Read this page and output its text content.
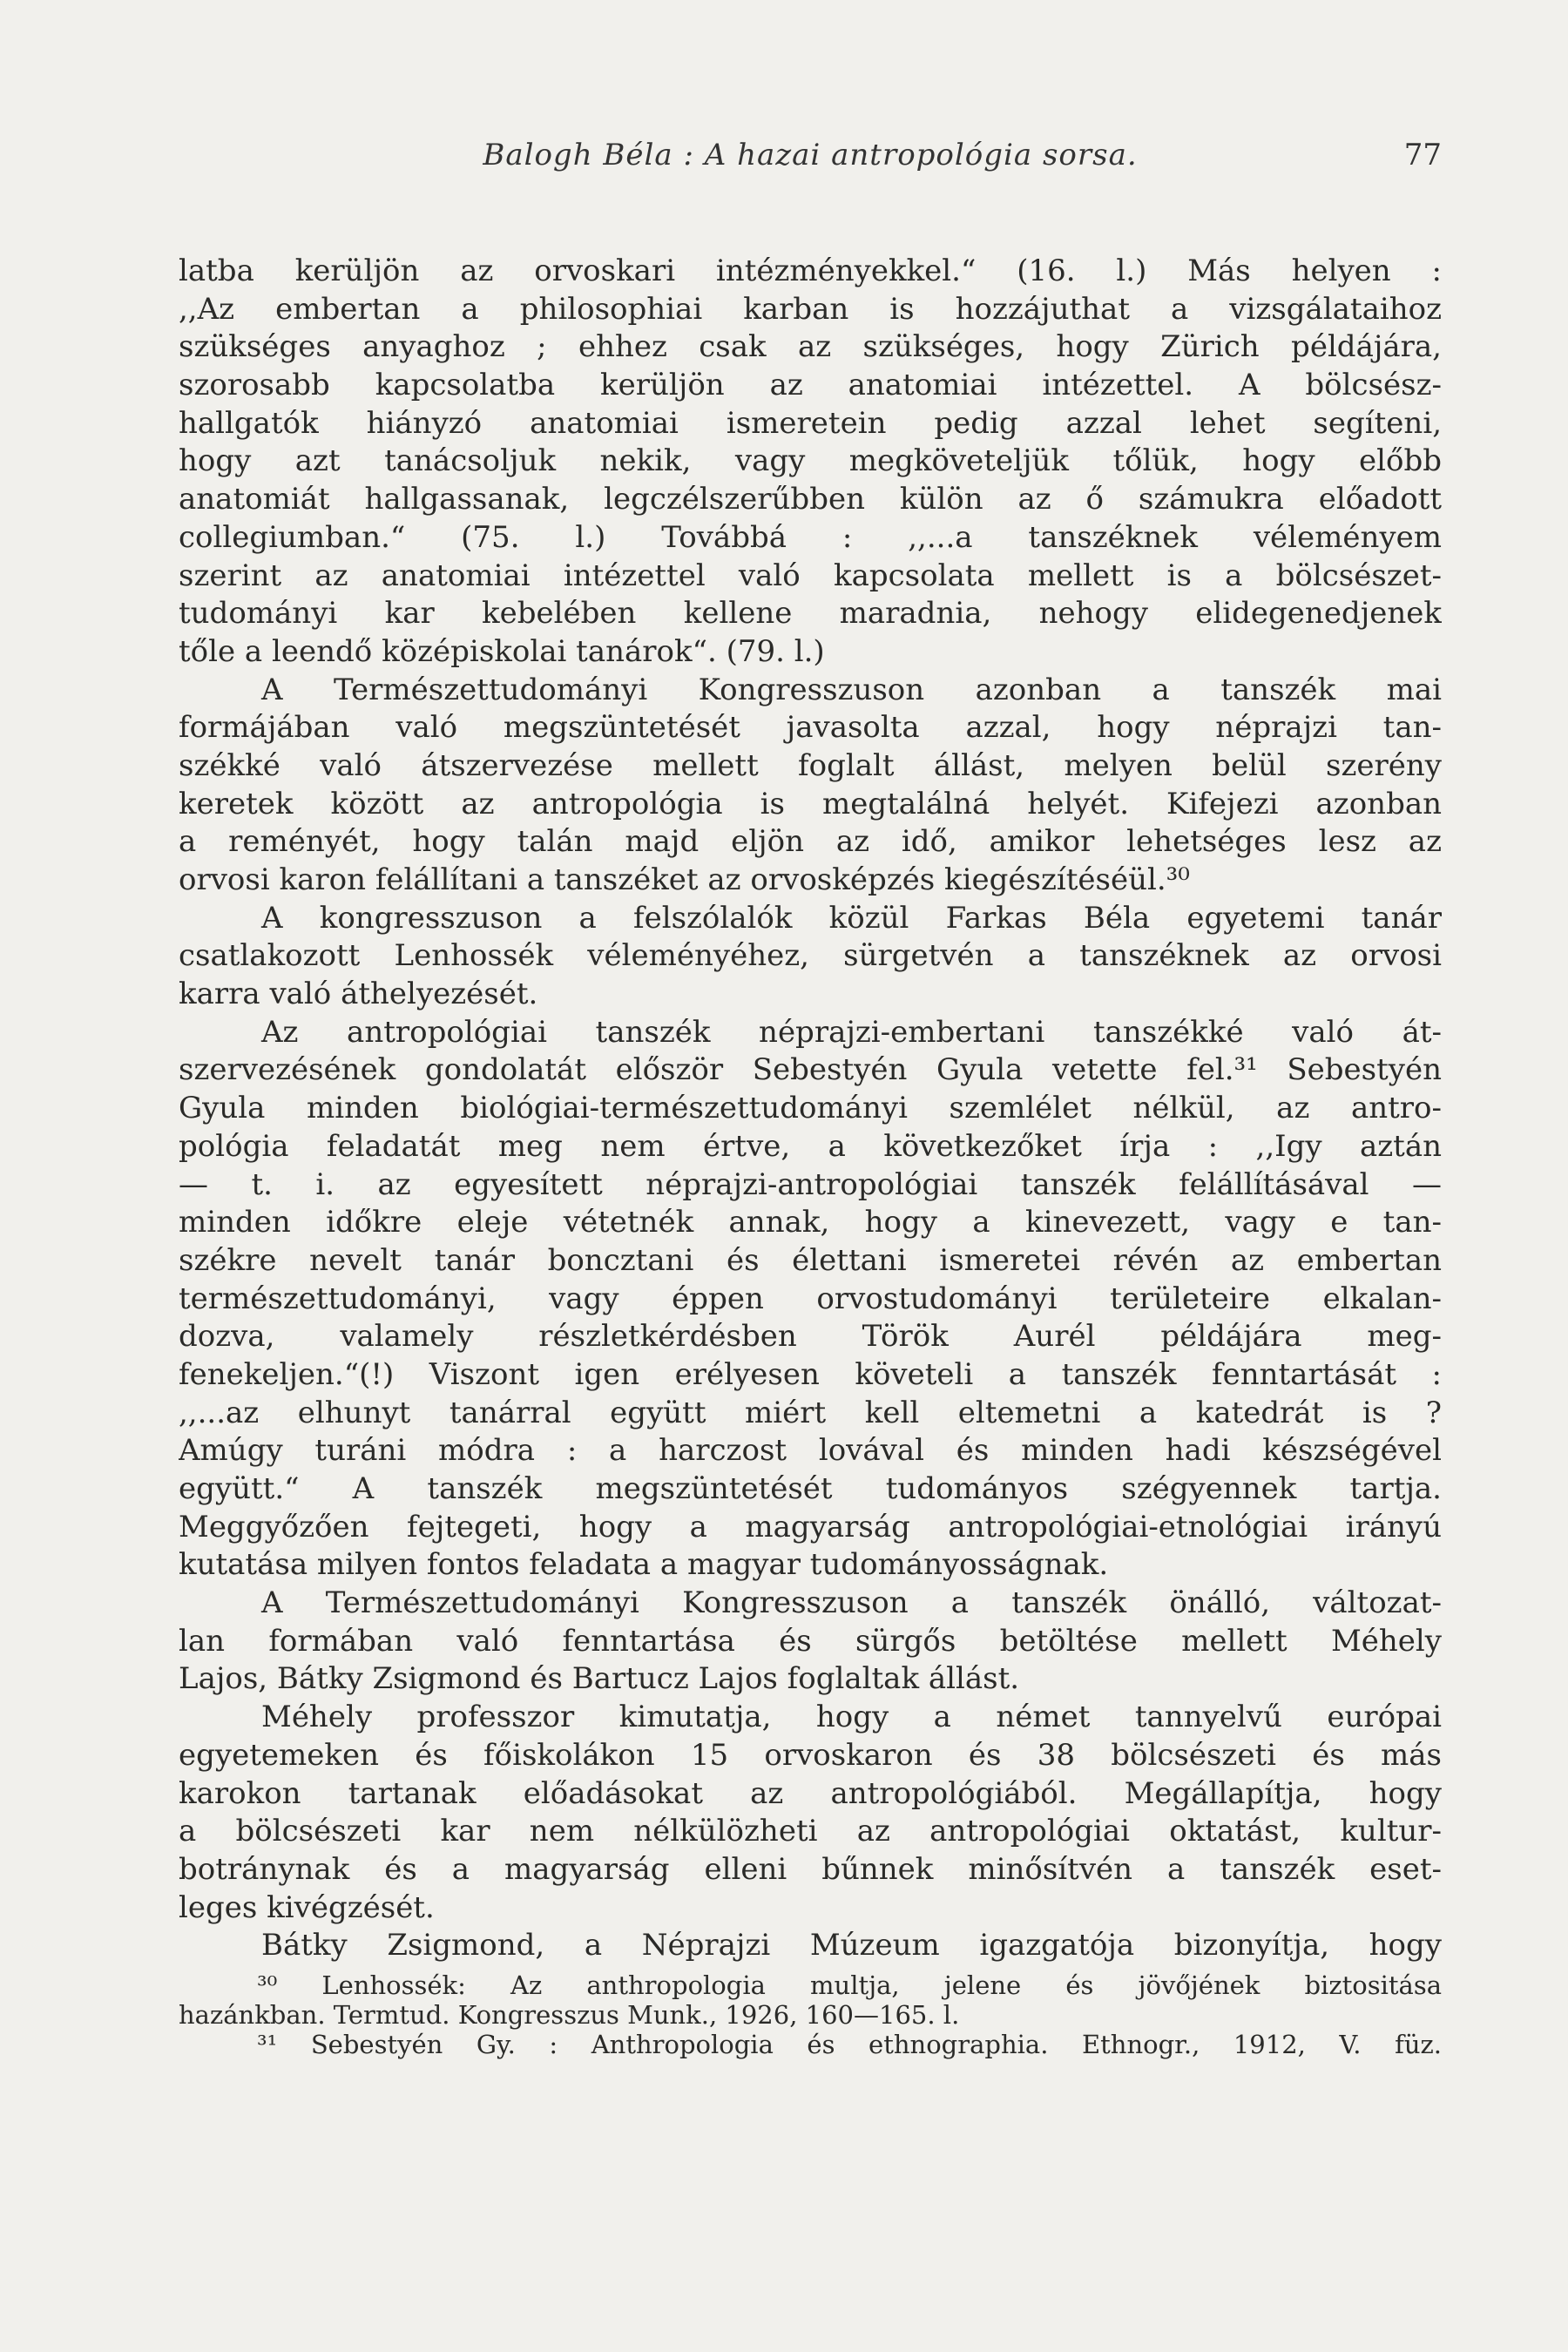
Balogh Béla : A hazai antropológia sorsa.	77
latba kerüljön az orvoskari intézményekkel.“ (16. l.) Más helyen :
,,Az embertan a philosophiai karban is hozzájuthat a vizsgálataihoz
szükséges anyaghoz ; ehhez csak az szükséges, hogy Zürich példájára,
szorosabb kapcsolatba kerüljön az anatomiai intézettel. A bölcsész-
hallgatók hiányzó anatomiai ismeretein pedig azzal lehet segíteni,
hogy azt tanácsoljuk nekik, vagy megköveteljük tőlük, hogy előbb
anatomiát hallgassanak, legczélszerűbben külön az ő számukra előadott
collegiumban.“ (75. l.) Továbbá : ,,...a tanszéknek véleményem
szerint az anatomiai intézettel való kapcsolata mellett is a bölcsészet-
tudományi kar kebelében kellene maradnia, nehogy elidegenedjenek
tőle a leendő középiskolai tanárok“. (79. l.)
A Természettudományi Kongresszuson azonban a tanszék mai
formájában való megszüntetését javasolta azzal, hogy néprajzi tan-
székké való átszervezése mellett foglalt állást, melyen belül szerény
keretek között az antropológia is megtalálná helyét. Kifejezi azonban
a reményét, hogy talán majd eljön az idő, amikor lehetséges lesz az
orvosi karon felállítani a tanszéket az orvosképzés kiegészítéséül.³⁰
A kongresszuson a felszólalók közül Farkas Béla egyetemi tanár
csatlakozott Lenhossék véleményéhez, sürgetvén a tanszéknek az orvosi
karra való áthelyezését.
Az antropológiai tanszék néprajzi-embertani tanszékké való át-
szervezésének gondolatát először Sebestyén Gyula vetette fel.³¹ Sebestyén
Gyula minden biológiai-természettudományi szemlélet nélkül, az antro-
pológia feladatát meg nem értve, a következőket írja : ,,Igy aztán
— t. i. az egyesített néprajzi-antropológiai tanszék felállításával —
minden időkre eleje vétetnék annak, hogy a kinevezett, vagy e tan-
székre nevelt tanár boncztani és élettani ismeretei révén az embertan
természettudományi, vagy éppen orvostudományi területeire elkalan-
dozva, valamely részletkérdésben Török Aurél példájára meg-
fenekeljen.“(!) Viszont igen erélyesen követeli a tanszék fenntartását :
,,...az elhunyt tanárral együtt miért kell eltemetni a katedrát is ?
Amúgy turáni módra : a harczost lovával és minden hadi készségével
együtt.“ A tanszék megszüntetését tudományos szégyennek tartja.
Meggyőzően fejtegeti, hogy a magyarság antropológiai-etnológiai irányú
kutatása milyen fontos feladata a magyar tudományosságnak.
A Természettudományi Kongresszuson a tanszék önálló, változat-
lan formában való fenntartása és sürgős betöltése mellett Méhely
Lajos, Bátky Zsigmond és Bartucz Lajos foglaltak állást.
Méhely professzor kimutatja, hogy a német tannyelvű európai
egyetemeken és főiskolákon 15 orvoskaron és 38 bölcsészeti és más
karokon tartanak előadásokat az antropológiából. Megállapítja, hogy
a bölcsészeti kar nem nélkülözheti az antropológiai oktatást, kultur-
botránynak és a magyarság elleni bűnnek minősítvén a tanszék eset-
leges kivégzését.
Bátky Zsigmond, a Néprajzi Múzeum igazgatója bizonyítja, hogy
³⁰ Lenhossék: Az anthropologia multja, jelene és jövőjének biztositása
hazánkban. Termtud. Kongresszus Munk., 1926, 160—165. l.
³¹ Sebestyén Gy. : Anthropologia és ethnographia. Ethnogr., 1912, V. füz.
